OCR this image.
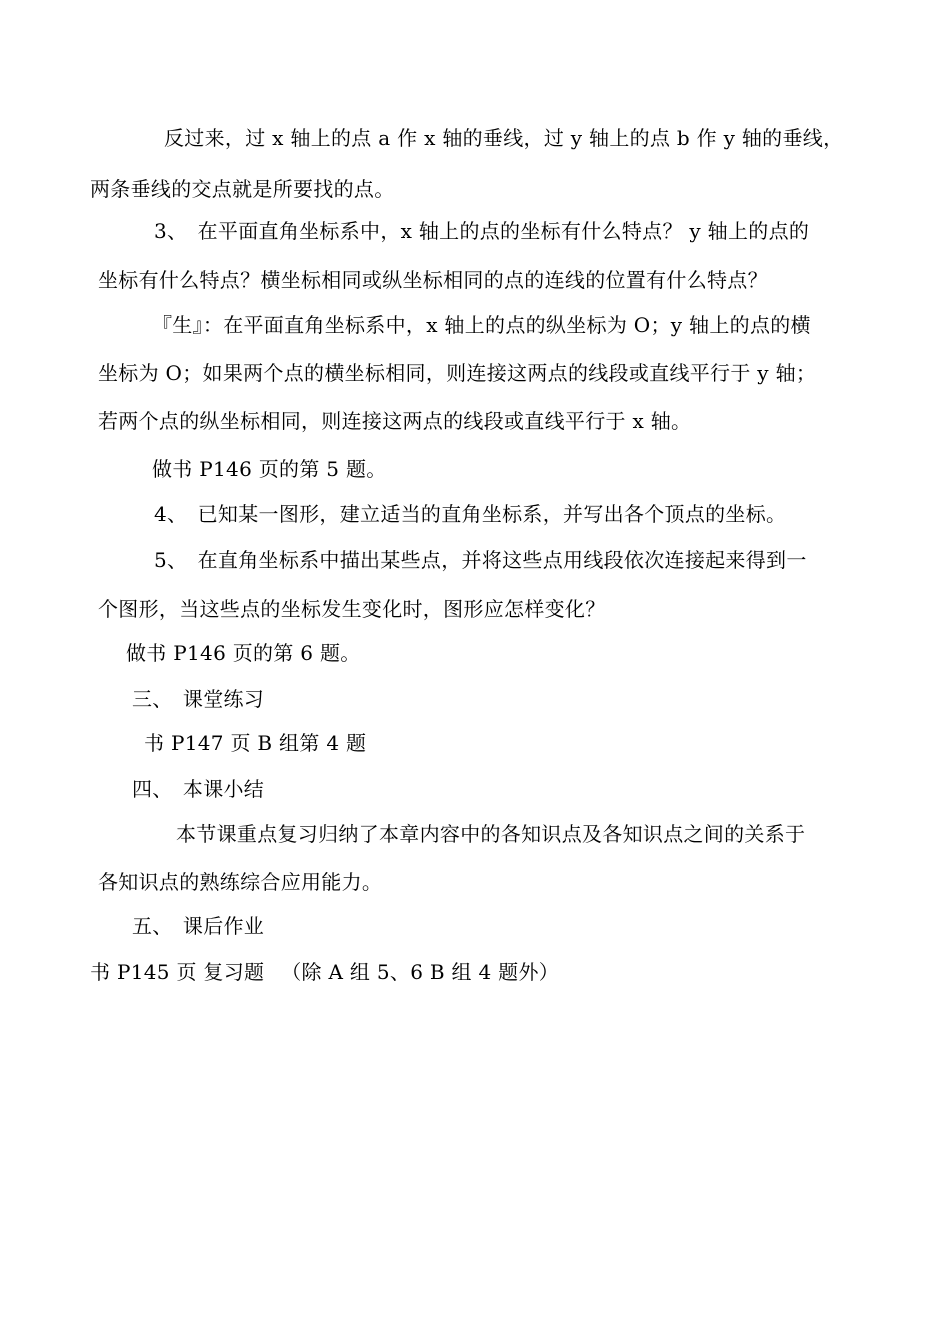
反过来，过 x 轴上的点 a 作 x 轴的垂线，过 y 轴上的点 b 作 y 轴的垂线，
两条垂线的交点就是所要找的点。
3、　在平面直角坐标系中，x 轴上的点的坐标有什么特点？ y 轴上的点的
坐标有什么特点？横坐标相同或纵坐标相同的点的连线的位置有什么特点？
『生』：在平面直角坐标系中，x 轴上的点的纵坐标为 O；y 轴上的点的横
坐标为 O；如果两个点的横坐标相同，则连接这两点的线段或直线平行于 y 轴；
若两个点的纵坐标相同，则连接这两点的线段或直线平行于 x 轴。
做书 P146 页的第 5 题。
4、　已知某一图形，建立适当的直角坐标系，并写出各个顶点的坐标。
5、　在直角坐标系中描出某些点，并将这些点用线段依次连接起来得到一
个图形，当这些点的坐标发生变化时，图形应怎样变化？
做书 P146 页的第 6 题。
三、　课堂练习
书 P147 页 B 组第 4 题
四、　本课小结
本节课重点复习归纳了本章内容中的各知识点及各知识点之间的关系于
各知识点的熟练综合应用能力。
五、　课后作业
书 P145 页 复习题 　（除 A 组 5、6 B 组 4 题外）
